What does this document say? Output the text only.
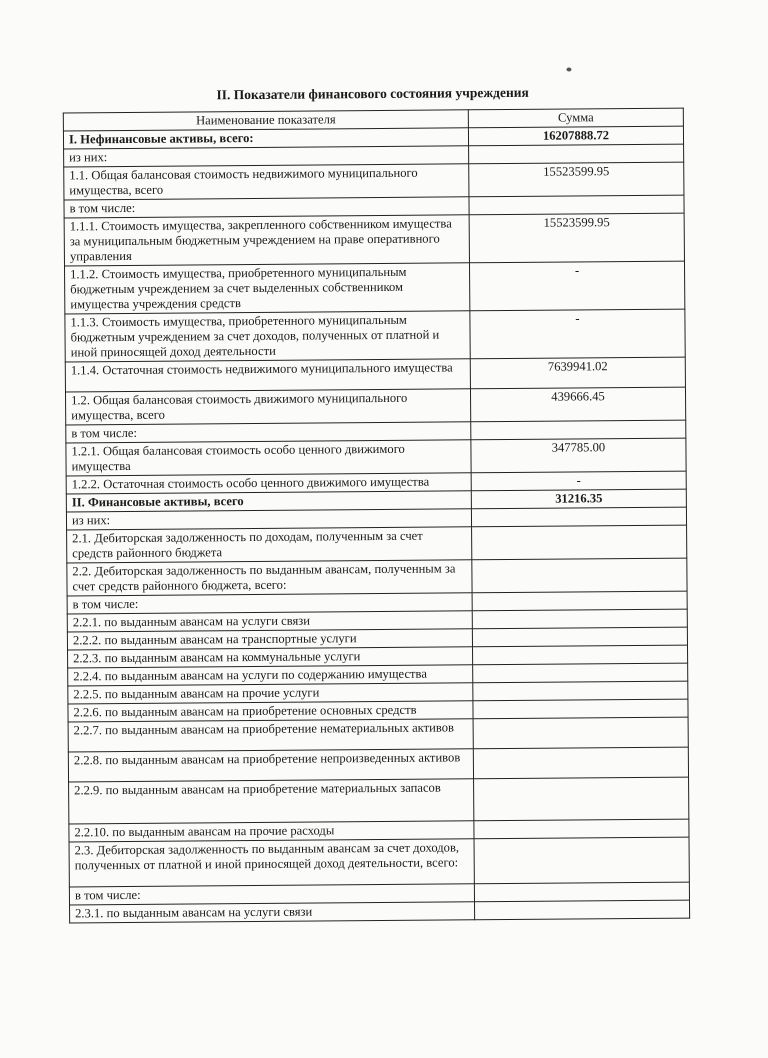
II. Показатели финансового состояния учреждения
Наименование показателя	Сумма
I. Нефинансовые активы, всего:	16207888.72
из них:	
1.1. Общая балансовая стоимость недвижимого муниципального имущества, всего	15523599.95
в том числе:	
1.1.1. Стоимость имущества, закрепленного собственником имущества за муниципальным бюджетным учреждением на праве оперативного управления	15523599.95
1.1.2. Стоимость имущества, приобретенного муниципальным бюджетным учреждением за счет выделенных собственником имущества учреждения средств	-
1.1.3. Стоимость имущества, приобретенного муниципальным бюджетным учреждением за счет доходов, полученных от платной и иной приносящей доход деятельности	-
1.1.4. Остаточная стоимость недвижимого муниципального имущества	7639941.02
1.2. Общая балансовая стоимость движимого муниципального имущества, всего	439666.45
в том числе:	
1.2.1. Общая балансовая стоимость особо ценного движимого имущества	347785.00
1.2.2. Остаточная стоимость особо ценного движимого имущества	-
II. Финансовые активы, всего	31216.35
из них:	
2.1. Дебиторская задолженность по доходам, полученным за счет средств районного бюджета	
2.2. Дебиторская задолженность по выданным авансам, полученным за счет средств районного бюджета, всего:	
в том числе:	
2.2.1. по выданным авансам на услуги связи	
2.2.2. по выданным авансам на транспортные услуги	
2.2.3. по выданным авансам на коммунальные услуги	
2.2.4. по выданным авансам на услуги по содержанию имущества	
2.2.5. по выданным авансам на прочие услуги	
2.2.6. по выданным авансам на приобретение основных средств	
2.2.7. по выданным авансам на приобретение нематериальных активов	
2.2.8. по выданным авансам на приобретение непроизведенных активов	
2.2.9. по выданным авансам на приобретение материальных запасов	
2.2.10. по выданным авансам на прочие расходы	
2.3. Дебиторская задолженность по выданным авансам за счет доходов, полученных от платной и иной приносящей доход деятельности, всего:	
в том числе:	
2.3.1. по выданным авансам на услуги связи	
